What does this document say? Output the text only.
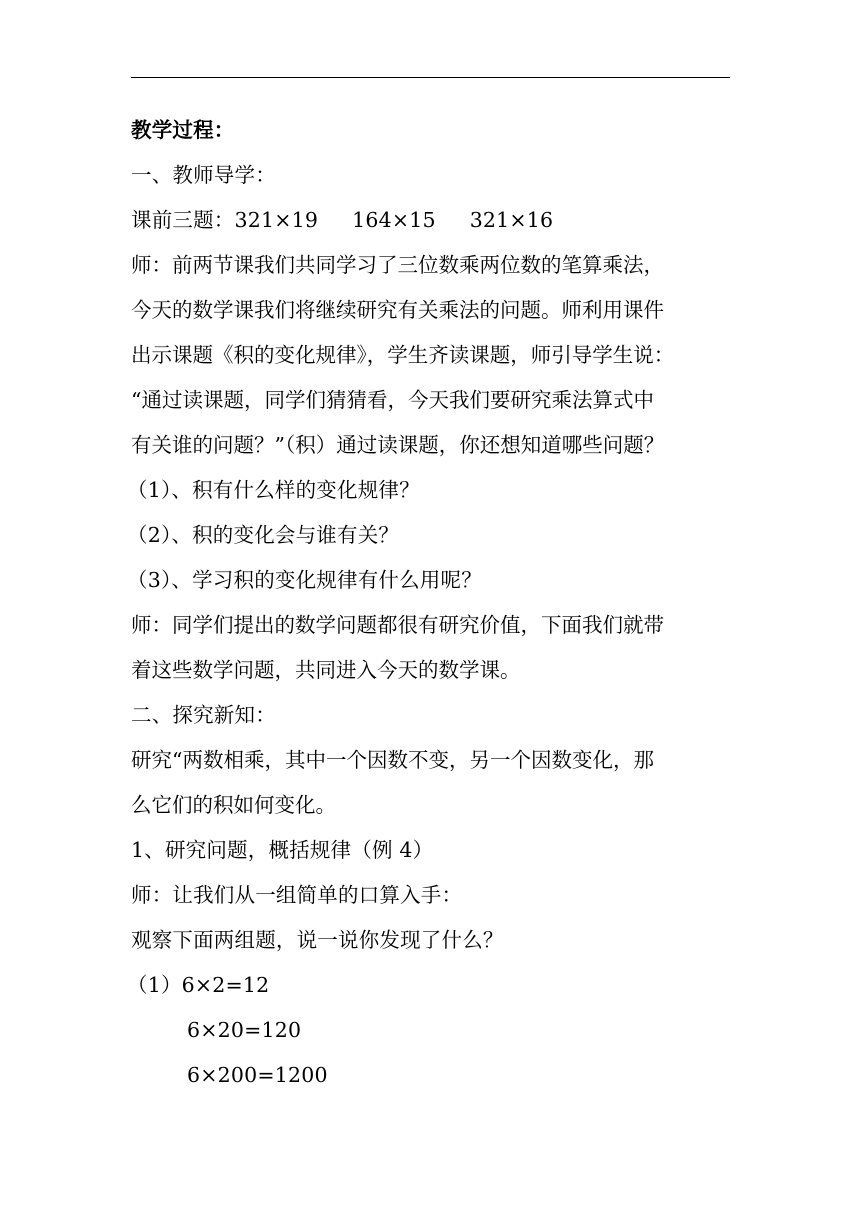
教学过程：

一、教师导学：

课前三题：321×19 164×15 321×16

师：前两节课我们共同学习了三位数乘两位数的笔算乘法，
今天的数学课我们将继续研究有关乘法的问题。师利用课件
出示课题《积的变化规律》，学生齐读课题，师引导学生说：
“通过读课题，同学们猜猜看，今天我们要研究乘法算式中
有关谁的问题？”（积）通过读课题，你还想知道哪些问题？

（1）、积有什么样的变化规律？

（2）、积的变化会与谁有关？

（3）、学习积的变化规律有什么用呢？

师：同学们提出的数学问题都很有研究价值，下面我们就带
着这些数学问题，共同进入今天的数学课。

二、探究新知：

研究“两数相乘，其中一个因数不变，另一个因数变化，那
么它们的积如何变化。

1、研究问题，概括规律（例 4）

师：让我们从一组简单的口算入手：

观察下面两组题，说一说你发现了什么？

（1）6×2=12

6×20=120

6×200=1200
